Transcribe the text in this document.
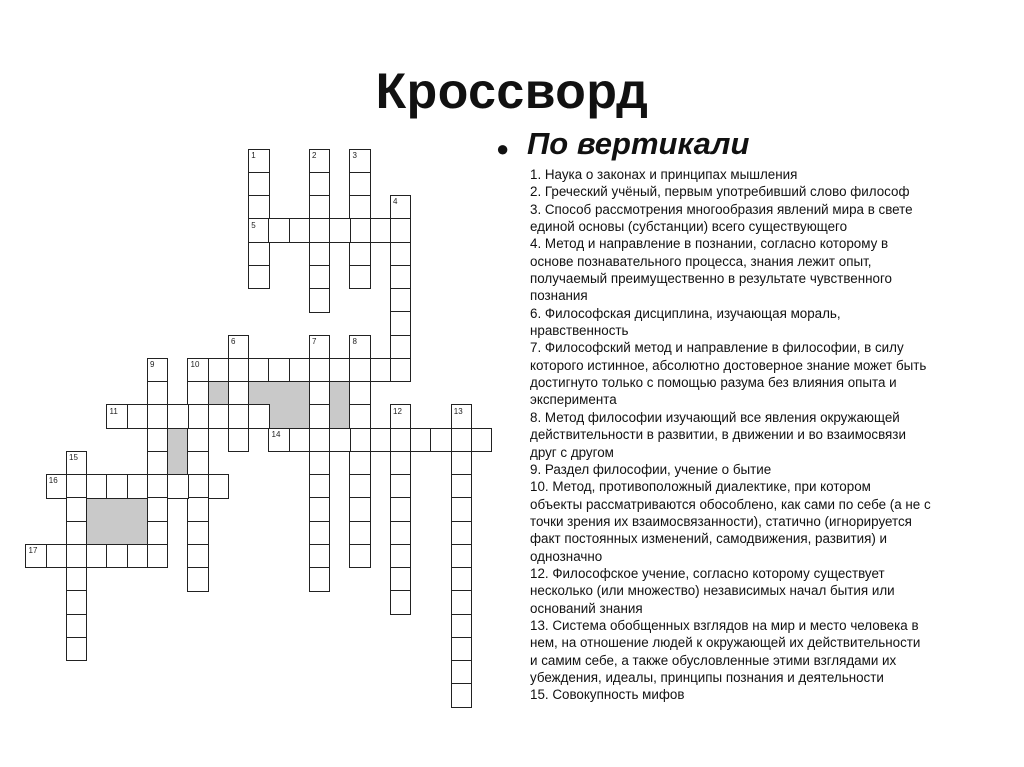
Кроссворд
1	2	3
4
5
6	7	8
9	10
11	12	13
14
15
16
17
● По вертикали
1. Наука о законах и принципах мышления
2. Греческий учёный, первым употребивший слово философ
3. Способ рассмотрения многообразия явлений мира в свете
единой основы (субстанции) всего существующего
4. Метод и направление в познании, согласно которому в
основе познавательного процесса, знания лежит опыт,
получаемый преимущественно в результате чувственного
познания
6. Философская дисциплина, изучающая мораль,
нравственность
7. Философский метод и направление в философии, в силу
которого истинное, абсолютно достоверное знание может быть
достигнуто только с помощью разума без влияния опыта и
эксперимента
8. Метод философии изучающий все явления окружающей
действительности в развитии, в движении и во взаимосвязи
друг с другом
9. Раздел философии, учение о бытие
10. Метод, противоположный диалектике, при котором
объекты рассматриваются обособлено, как сами по себе (а не с
точки зрения их взаимосвязанности), статично (игнорируется
факт постоянных изменений, самодвижения, развития) и
однозначно
12. Философское учение, согласно которому существует
несколько (или множество) независимых начал бытия или
оснований знания
13. Система обобщенных взглядов на мир и место человека в
нем, на отношение людей к окружающей их действительности
и самим себе, а также обусловленные этими взглядами их
убеждения, идеалы, принципы познания и деятельности
15. Совокупность мифов
